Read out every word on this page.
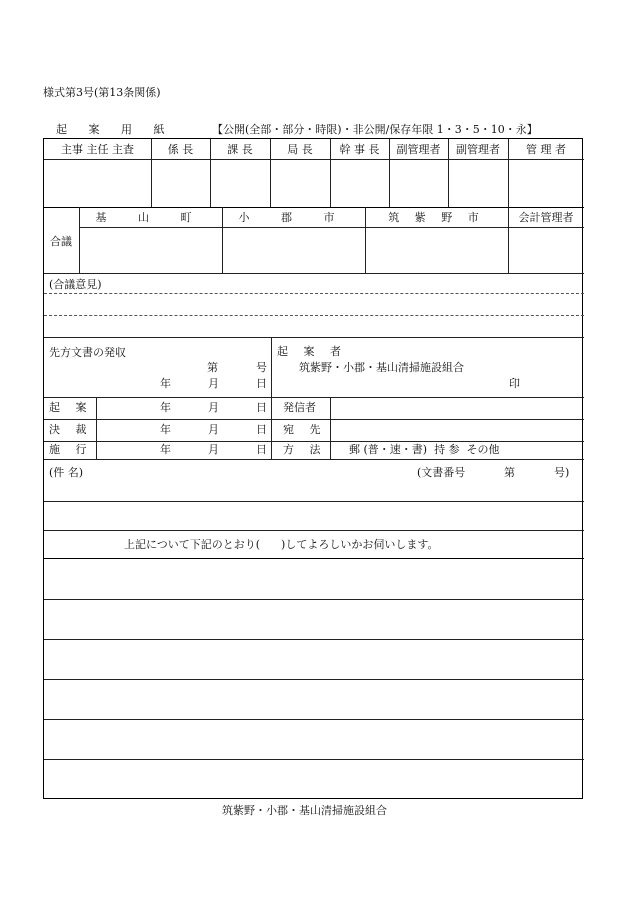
様式第3号(第13条関係)
起 案 用 紙	【公開(全部・部分・時限)・非公開/保存年限 1・3・5・10・永】
主事 主任 主査	係 長	課 長	局 長	幹 事 長	副管理者	副管理者	管 理 者
合議
基 山 町	小 郡 市	筑 紫 野 市	会計管理者
(合議意見)
先方文書の発収
第	号
年	月	日
起 案 者
筑紫野・小郡・基山清掃施設組合
印
起 案	年	月	日 発信者
決 裁	年	月	日 宛 先
施 行	年	月	日 方 法 郵 (普・速・書)  持 参  その他
(件 名)	(文書番号	第	号)
上記について下記のとおり(      )してよろしいかお伺いします。
筑紫野・小郡・基山清掃施設組合
